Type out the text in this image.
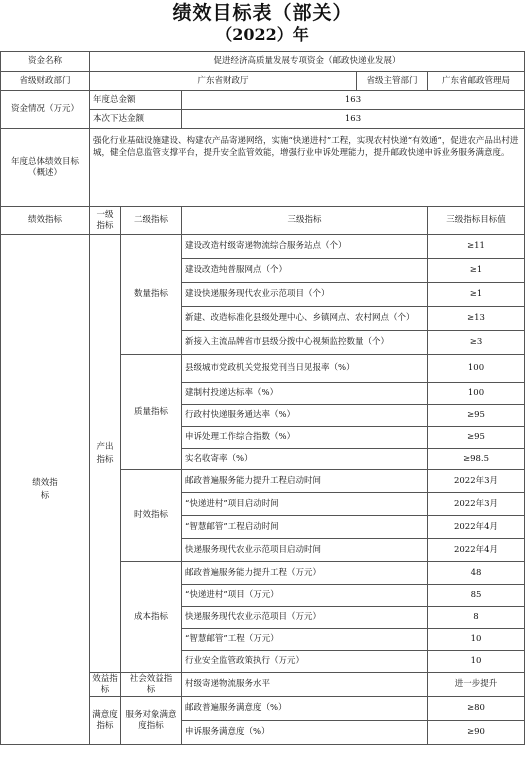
绩效目标表（部关）
（2022）年
资金名称	促进经济高质量发展专项资金（邮政快递业发展）				
省级财政部门	广东省财政厅			省级主管部门	广东省邮政管理局
资金情况（万元）	年度总金额		163		
	本次下达金额		163		
年度总体绩效目标（概述）	强化行业基础设施建设、构建农产品寄递网络，实施“快递进村”工程，实现农村快递“有效通”，促进农产品出村进城，健全信息监管支撑平台，提升安全监管效能，增强行业申诉处理能力，提升邮政快递申诉业务服务满意度。				
绩效指标	一级指标	二级指标	三级指标		三级指标目标值
绩效指标	产出指标	数量指标	建设改造村级寄递物流综合服务站点（个）		≥11
			建设改造纯普服网点（个）		≥1
			建设快递服务现代农业示范项目（个）		≥1
			新建、改造标准化县级处理中心、乡镇网点、农村网点（个）		≥13
			新接入主流品牌省市县级分拨中心视频监控数量（个）		≥3
		质量指标	县级城市党政机关党报党刊当日见报率（%）		100
			建制村投递达标率（%）		100
			行政村快递服务通达率（%）		≥95
			申诉处理工作综合指数（%）		≥95
			实名收寄率（%）		≥98.5
		时效指标	邮政普遍服务能力提升工程启动时间		2022年3月
			“快递进村”项目启动时间		2022年3月
			“智慧邮管”工程启动时间		2022年4月
			快递服务现代农业示范项目启动时间		2022年4月
		成本指标	邮政普遍服务能力提升工程（万元）		48
			“快递进村”项目（万元）		85
			快递服务现代农业示范项目（万元）		8
			“智慧邮管”工程（万元）		10
			行业安全监管政策执行（万元）		10
	效益指标	社会效益指标	村级寄递物流服务水平		进一步提升
	满意度指标	服务对象满意度指标	邮政普遍服务满意度（%）		≥80
			申诉服务满意度（%）		≥90
